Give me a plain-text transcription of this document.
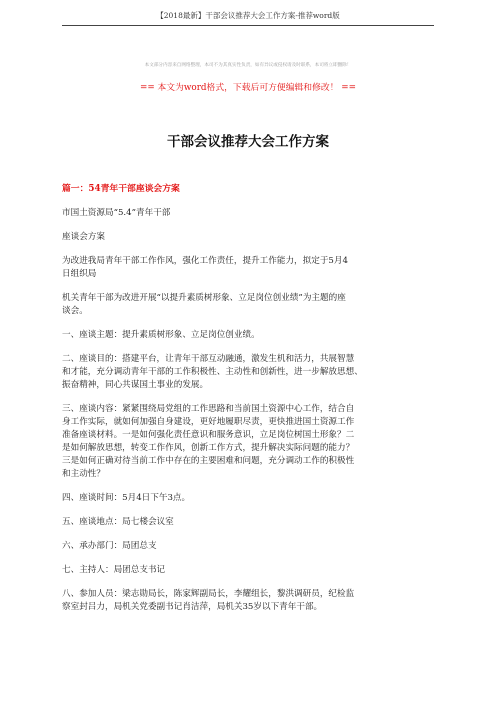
【2018最新】干部会议推荐大会工作方案-推荐word版
本文部分内容来自网络整理，本司不为其真实性负责，如有异议或侵权请及时联系，本司将立即删除！
== 本文为word格式，下载后可方便编辑和修改！ ==
干部会议推荐大会工作方案
篇一：54青年干部座谈会方案
市国土资源局“5.4”青年干部
座谈会方案
为改进我局青年干部工作作风，强化工作责任，提升工作能力，拟定于5月4
日组织局
机关青年干部为改进开展“以提升素质树形象、立足岗位创业绩”为主题的座
谈会。
一、座谈主题：提升素质树形象、立足岗位创业绩。
二、座谈目的：搭建平台，让青年干部互动融通，激发生机和活力，共展智慧
和才能，充分调动青年干部的工作积极性、主动性和创新性，进一步解放思想、
振奋精神，同心共谋国土事业的发展。
三、座谈内容：紧紧围绕局党组的工作思路和当前国土资源中心工作，结合自
身工作实际，就如何加强自身建设，更好地履职尽责，更快推进国土资源工作
准备座谈材料。一是如何强化责任意识和服务意识，立足岗位树国土形象？二
是如何解放思想，转变工作作风，创新工作方式，提升解决实际问题的能力？
三是如何正确对待当前工作中存在的主要困难和问题，充分调动工作的积极性
和主动性？
四、座谈时间：5月4日下午3点。
五、座谈地点：局七楼会议室
六、承办部门：局团总支
七、主持人：局团总支书记
八、参加人员：梁志勋局长，陈家辉副局长，李耀组长，黎洪调研员，纪检监
察室封吕力，局机关党委副书记肖洁萍，局机关35岁以下青年干部。
